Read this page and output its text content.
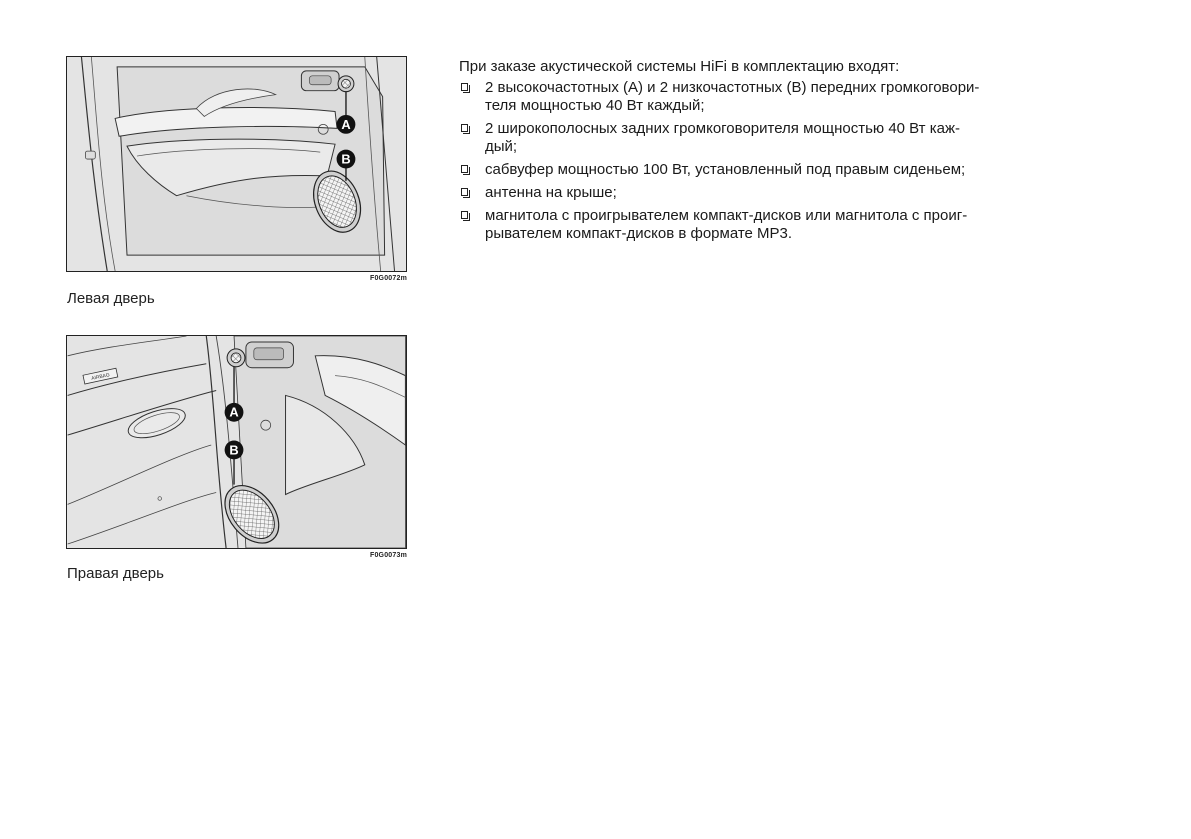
A
B
F0G0072m
Левая дверь
AIRBAG
A
B
F0G0073m
Правая дверь

При заказе акустической системы HiFi в комплектацию входят:

2 высокочастотных (A) и 2 низкочастотных (B) передних громкоговори-
теля мощностью 40 Вт каждый;
2 широкополосных задних громкоговорителя мощностью 40 Вт каж-
дый;
сабвуфер мощностью 100 Вт, установленный под правым сиденьем;
антенна на крыше;
магнитола с проигрывателем компакт-дисков или магнитола с проиг-
рывателем компакт-дисков в формате MP3.
